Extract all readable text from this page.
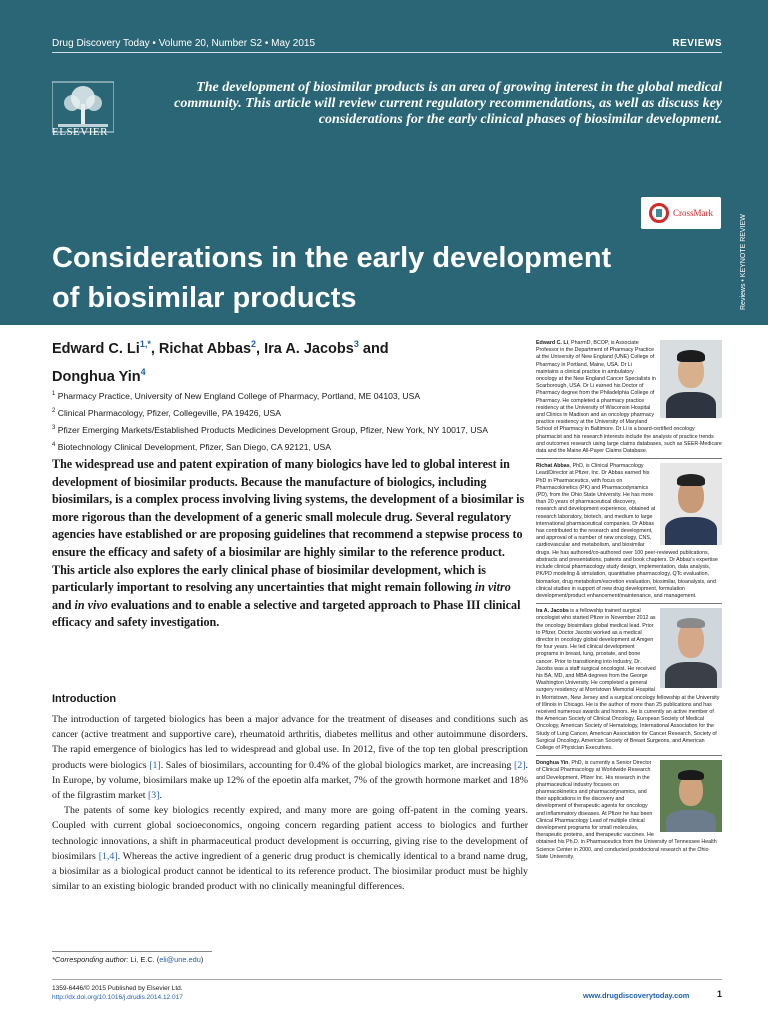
Drug Discovery Today • Volume 20, Number S2 • May 2015	REVIEWS
ELSEVIER
The development of biosimilar products is an area of growing interest in the global medical community. This article will review current regulatory recommendations, as well as discuss key considerations for the early clinical phases of biosimilar development.
CrossMark
Considerations in the early development of biosimilar products	Reviews • KEYNOTE REVIEW
Edward C. $Li^{1,*}$, Richat Abbas$^2$, Ira A. Jacobs$^3$ and
Donghua Yin$^4$
$^1$ Pharmacy Practice, University of New England College of Pharmacy, Portland, ME 04103, USA
$^2$ Clinical Pharmacology, Pfizer, Collegeville, PA 19426, USA
$^3$ Pfizer Emerging Markets/Established Products Medicines Development Group, Pfizer, New York, NY 10017, USA
$^4$ Biotechnology Clinical Development, Pfizer, San Diego, CA 92121, USA
The widespread use and patent expiration of many biologics have led to global interest in development of biosimilar products. Because the manufacture of biologics, including biosimilars, is a complex process involving living systems, the development of a biosimilar is more rigorous than the development of a generic small molecule drug. Several regulatory agencies have established or are proposing guidelines that recommend a stepwise process to ensure the efficacy and safety of a biosimilar are highly similar to the reference product. This article also explores the early clinical phase of biosimilar development, which is particularly important to resolving any uncertainties that might remain following in vitro and in vivo evaluations and to enable a selective and targeted approach to Phase III clinical efficacy and safety investigation.
Introduction

The introduction of targeted biologics has been a major advance for the treatment of diseases and conditions such as cancer (active treatment and supportive care), rheumatoid arthritis, diabetes mellitus and other autoimmune disorders. The rapid emergence of biologics has led to widespread and global use. In 2012, five of the top ten global prescription products were biologics [1]. Sales of biosimilars, accounting for 0.4% of the global biologics market, are increasing [2]. In Europe, by volume, biosimilars make up 12% of the epoetin alfa market, 7% of the growth hormone market and 18% of the filgrastim market [3].

The patents of some key biologics recently expired, and many more are going off-patent in the coming years. Coupled with current global socioeconomics, ongoing concern regarding patient access to biologics and further technologic innovations, a shift in pharmaceutical product development is occurring, giving rise to the development of biosimilars [1,4]. Whereas the active ingredient of a generic drug product is chemically identical to a brand name drug, a biosimilar as a biological product cannot be identical to its reference product. The biosimilar product must be highly similar to an existing biologic branded product with no clinically meaningful differences.

*Corresponding author: Li, E.C. (eli@une.edu)
1359-6446/© 2015 Published by Elsevier Ltd.
http://dx.doi.org/10.1016/j.drudis.2014.12.017	www.drugdiscoverytoday.com	1
Edward C. Li, PharmD, BCOP, is Associate Professor in the Department of Pharmacy Practice at the University of New England (UNE) College of Pharmacy in Portland, Maine, USA. Dr Li maintains a clinical practice in ambulatory oncology at the New England Cancer Specialists in Scarborough, USA. Dr Li earned his Doctor of Pharmacy degree from the Philadelphia College of Pharmacy. He completed a pharmacy practice residency at the University of Wisconsin Hospital and Clinics in Madison and an oncology pharmacy practice residency at the University of Maryland School of Pharmacy in Baltimore. Dr Li is a board-certified oncology pharmacist and his research interests include the analysis of practice trends and outcomes research using large claims databases, such as SEER-Medicare data and the Maine All-Payer Claims Database.
Richat Abbas, PhD, is Clinical Pharmacology Lead/Director at Pfizer, Inc. Dr Abbas earned his PhD in Pharmaceutics, with focus on Pharmacokinetics (PK) and Pharmacodynamics (PD), from the Ohio State University. He has more than 20 years of pharmaceutical discovery, research and development experience, obtained at research laboratory, biotech, and medium to large international pharmaceutical companies. Dr Abbas has contributed to the research and development, and approval of a number of new oncology, CNS, cardiovascular and metabolism, and biosimilar drugs. He has authored/co-authored over 100 peer-reviewed publications, abstracts and presentations, patents and book chapters. Dr Abbas's expertise include clinical pharmacology study design, implementation, data analysis, PK/PD modeling & simulation, quantitative pharmacology, QTc evaluation, biomarker, drug metabolism/excretion evaluation, biosimilar, bioanalysis, and clinical studies in support of new drug development, formulation development/product enhancement/maintenance, and management.
Ira A. Jacobs is a fellowship trained surgical oncologist who started Pfizer in November 2012 as the oncology biosimilars global medical lead. Prior to Pfizer, Doctor Jacobs worked as a medical director in oncology global development at Amgen for four years. He led clinical development programs in breast, lung, prostate, and bone cancer. Prior to transitioning into industry, Dr. Jacobs was a staff surgical oncologist. He received his BA, MD, and MBA degrees from the George Washington University. He completed a general surgery residency at Morristown Memorial Hospital in Morristown, New Jersey and a surgical oncology fellowship at the University of Illinois in Chicago. He is the author of more than 25 publications and has received numerous awards and honors. He is currently an active member of the American Society of Clinical Oncology, European Society of Medical Oncology, American Society of Hematology, International Association for the Study of Lung Cancer, American Association for Cancer Research, Society of Surgical Oncology, American Society of Breast Surgeons, and American College of Physician Executives.
Donghua Yin, PhD, is currently a Senior Director of Clinical Pharmacology at Worldwide Research and Development, Pfizer Inc. His research in the pharmaceutical industry focuses on pharmacokinetics and pharmacodynamics, and their applications in the discovery and development of therapeutic agents for oncology and inflammatory diseases. At Pfizer he has been Clinical Pharmacology Lead of multiple clinical development programs for small molecules, therapeutic proteins, and therapeutic vaccines. He obtained his Ph.D. in Pharmaceutics from the University of Tennessee Health Science Center in 2000, and conducted postdoctoral research at the Ohio State University.
